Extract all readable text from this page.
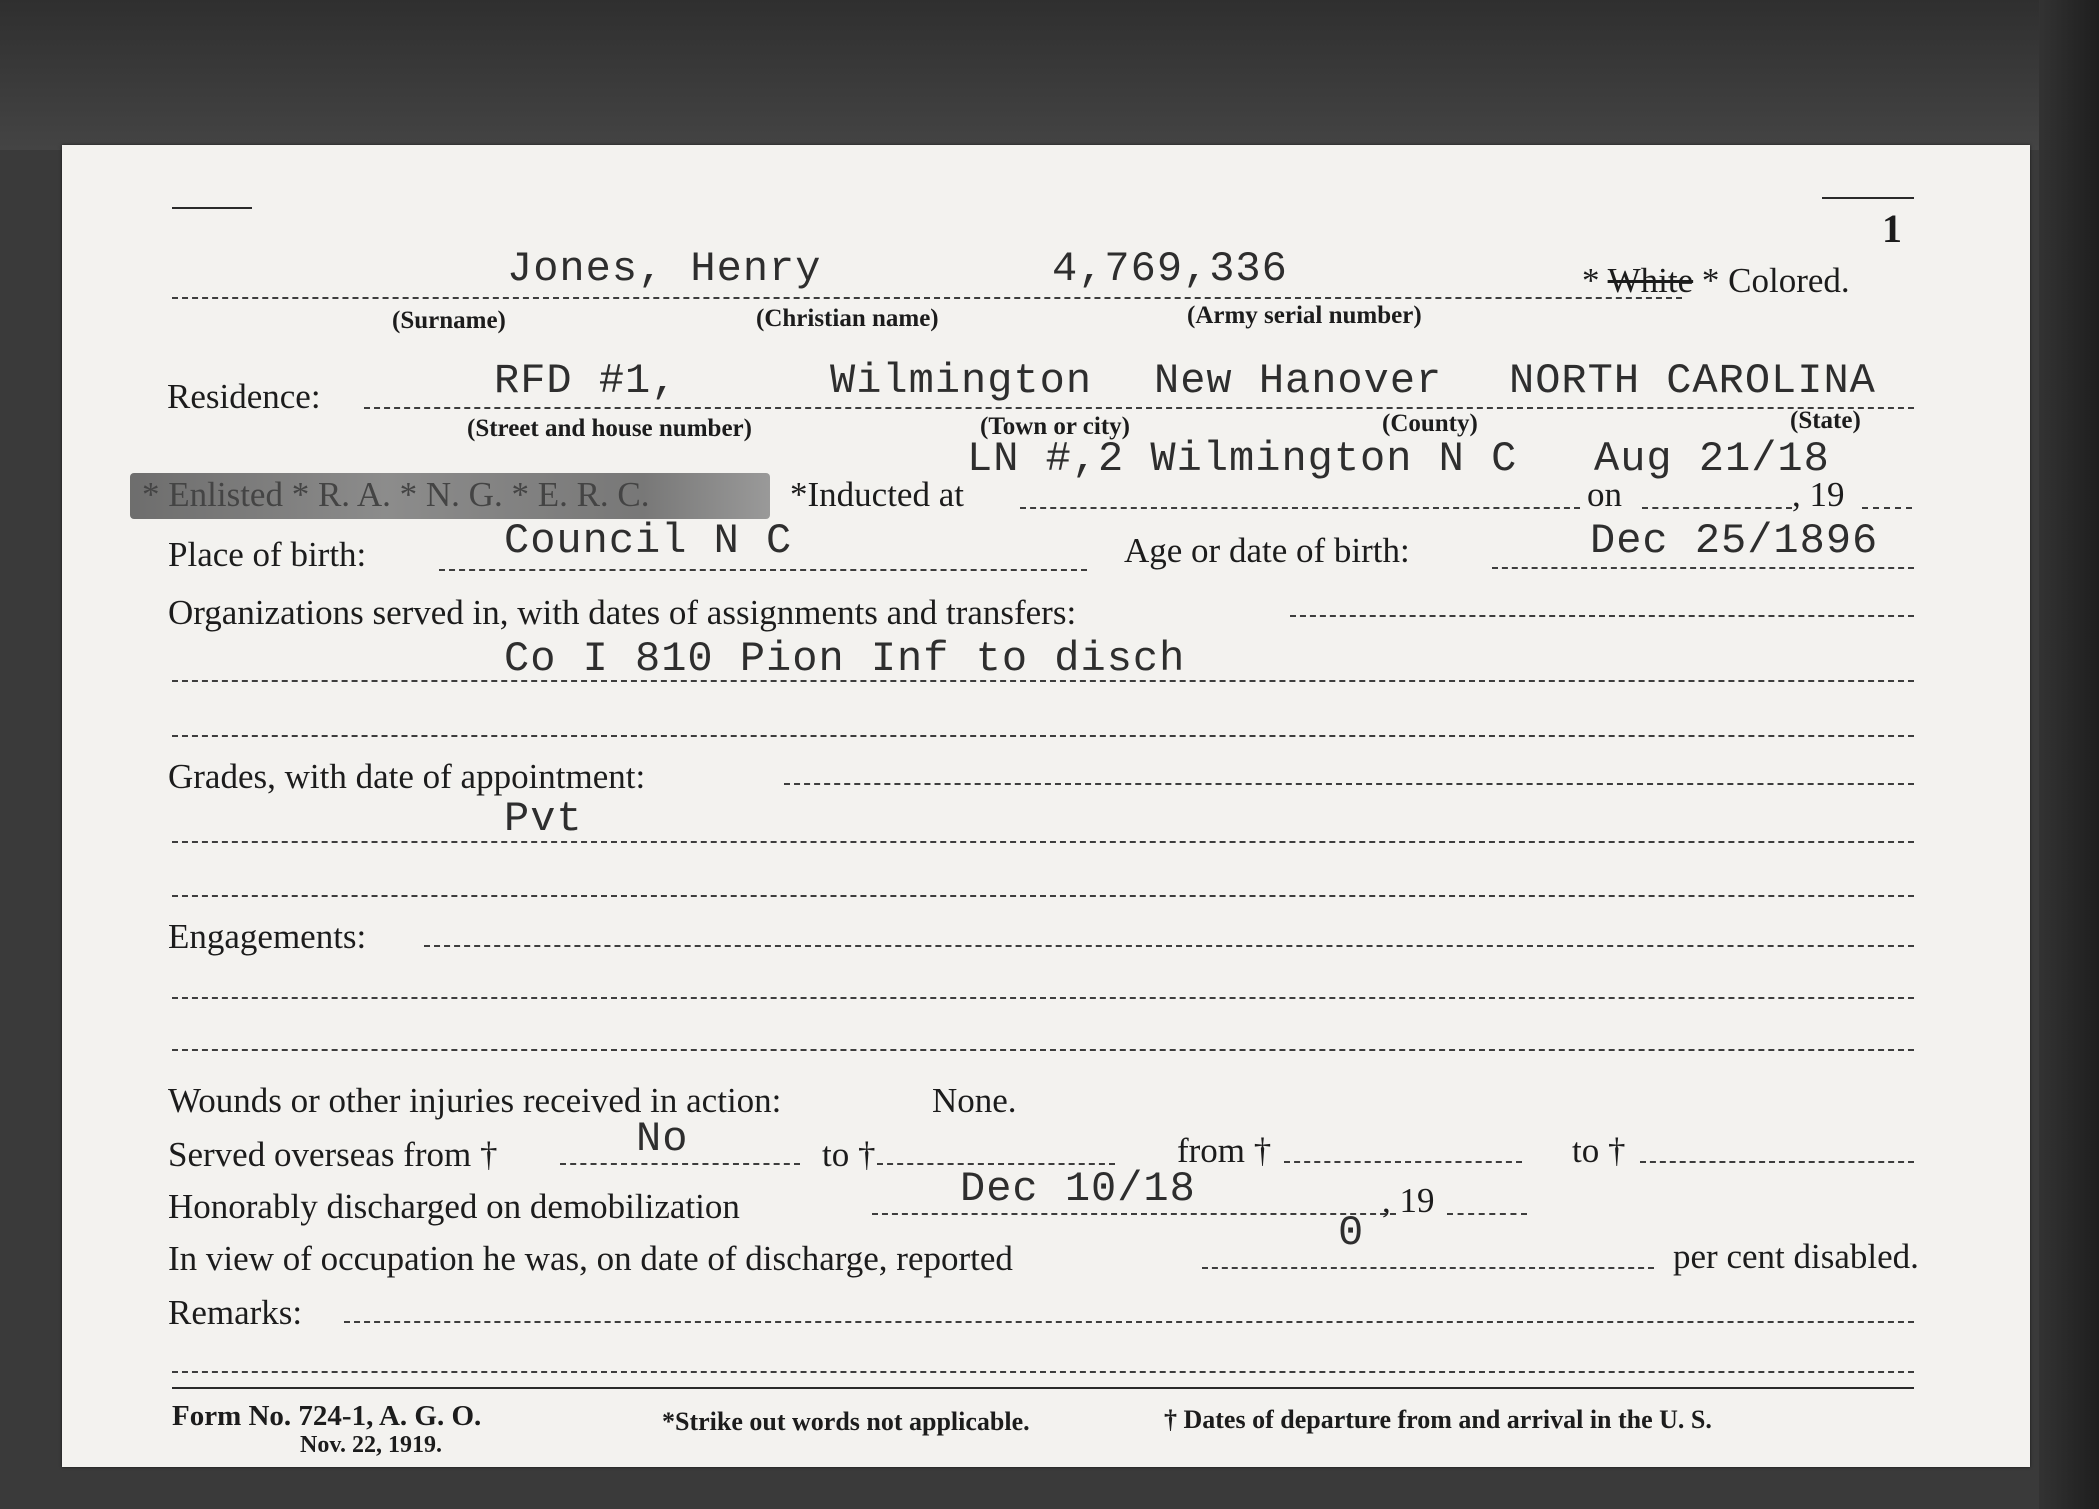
1
Jones, Henry	4,769,336	* White * Colored.
(Surname)	(Christian name)	(Army serial number)
Residence:	RFD #1,	Wilmington New Hanover NORTH CAROLINA
(Street and house number)	(Town or city)	(County)	(State)
* Enlisted * R. A. * N. G. * E. R. C.	*Inducted at
LN #,2 Wilmington N C Aug 21/18
on	, 19
Place of birth:	Council N C	Age or date of birth:	Dec 25/1896
Organizations served in, with dates of assignments and transfers:
Co I 810 Pion Inf to disch
Grades, with date of appointment:
Pvt
Engagements:
Wounds or other injuries received in action:	None.
Served overseas from †	No	to †	from †	to †
Honorably discharged on demobilization	Dec 10/18	, 19
In view of occupation he was, on date of discharge, reported
0	per cent disabled.
Remarks:
Form No. 724-1, A. G. O.
Nov. 22, 1919.
*Strike out words not applicable.	† Dates of departure from and arrival in the U. S.
